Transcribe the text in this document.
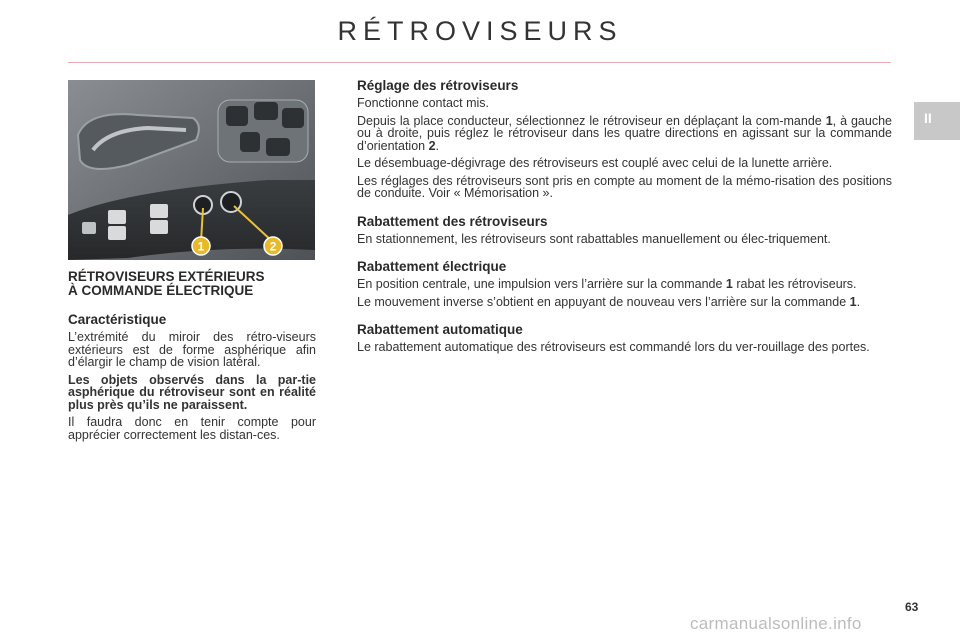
RÉTROVISEURS
II
1	2
RÉTROVISEURS EXTÉRIEURS
À COMMANDE ÉLECTRIQUE
Caractéristique

L’extrémité du miroir des rétro-viseurs extérieurs est de forme asphérique afin d’élargir le champ de vision latéral.

Les objets observés dans la par-tie asphérique du rétroviseur sont en réalité plus près qu’ils ne paraissent.

Il faudra donc en tenir compte pour apprécier correctement les distan-ces.

Réglage des rétroviseurs

Fonctionne contact mis.

Depuis la place conducteur, sélectionnez le rétroviseur en déplaçant la com-mande 1, à gauche ou à droite, puis réglez le rétroviseur dans les quatre directions en agissant sur la commande d’orientation 2.

Le désembuage-dégivrage des rétroviseurs est couplé avec celui de la lunette arrière.

Les réglages des rétroviseurs sont pris en compte au moment de la mémo-risation des positions de conduite. Voir « Mémorisation ».

Rabattement des rétroviseurs

En stationnement, les rétroviseurs sont rabattables manuellement ou élec-triquement.

Rabattement électrique

En position centrale, une impulsion vers l’arrière sur la commande 1 rabat les rétroviseurs.

Le mouvement inverse s’obtient en appuyant de nouveau vers l’arrière sur la commande 1.

Rabattement automatique

Le rabattement automatique des rétroviseurs est commandé lors du ver-rouillage des portes.

63
carmanualsonline.info
